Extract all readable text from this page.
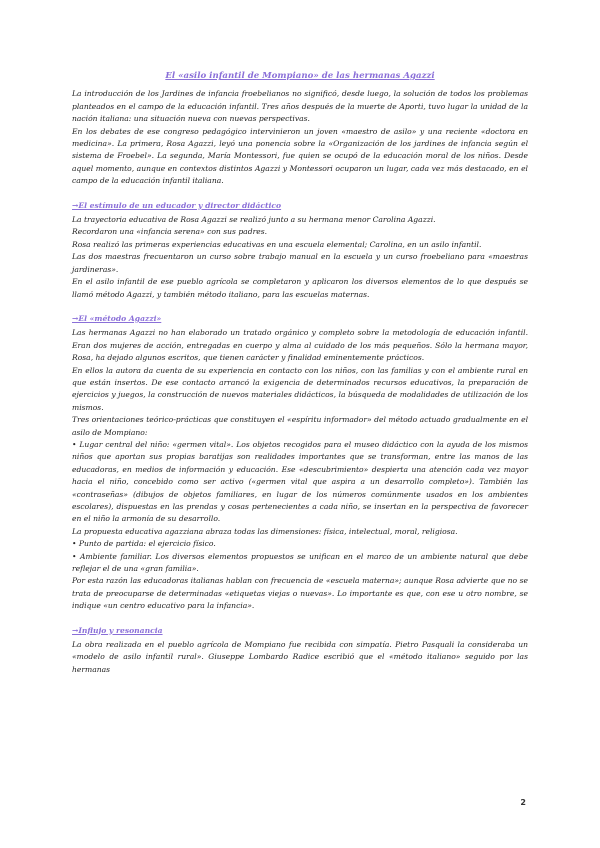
El «asilo infantil de Mompiano» de las hermanas Agazzi

La introducción de los Jardines de infancia froebelianos no significó, desde luego, la solución de todos los problemas planteados en el campo de la educación infantil. Tres años después de la muerte de Aporti, tuvo lugar la unidad de la nación italiana: una situación nueva con nuevas perspectivas.

En los debates de ese congreso pedagógico intervinieron un joven «maestro de asilo» y una reciente «doctora en medicina». La primera, Rosa Agazzi, leyó una ponencia sobre la «Organización de los jardines de infancia según el sistema de Froebel». La segunda, María Montessori, fue quien se ocupó de la educación moral de los niños. Desde aquel momento, aunque en contextos distintos Agazzi y Montessori ocuparon un lugar, cada vez más destacado, en el campo de la educación infantil italiana.

→El estímulo de un educador y director didáctico

La trayectoria educativa de Rosa Agazzi se realizó junto a su hermana menor Carolina Agazzi.

Recordaron una «infancia serena» con sus padres.

Rosa realizó las primeras experiencias educativas en una escuela elemental; Carolina, en un asilo infantil.

Las dos maestras frecuentaron un curso sobre trabajo manual en la escuela y un curso froebeliano para «maestras jardineras».

En el asilo infantil de ese pueblo agrícola se completaron y aplicaron los diversos elementos de lo que después se llamó método Agazzi, y también método italiano, para las escuelas maternas.

→El «método Agazzi»

Las hermanas Agazzi no han elaborado un tratado orgánico y completo sobre la metodología de educación infantil. Eran dos mujeres de acción, entregadas en cuerpo y alma al cuidado de los más pequeños. Sólo la hermana mayor, Rosa, ha dejado algunos escritos, que tienen carácter y finalidad eminentemente prácticos.

En ellos la autora da cuenta de su experiencia en contacto con los niños, con las familias y con el ambiente rural en que están insertos. De ese contacto arrancó la exigencia de determinados recursos educativos, la preparación de ejercicios y juegos, la construcción de nuevos materiales didácticos, la búsqueda de modalidades de utilización de los mismos.

Tres orientaciones teórico-prácticas que constituyen el «espíritu informador» del método actuado gradualmente en el asilo de Mompiano:

• Lugar central del niño: «germen vital». Los objetos recogidos para el museo didáctico con la ayuda de los mismos niños que aportan sus propias baratijas son realidades importantes que se transforman, entre las manos de las educadoras, en medios de información y educación. Ese «descubrimiento» despierta una atención cada vez mayor hacia el niño, concebido como ser activo («germen vital que aspira a un desarrollo completo»). También las «contraseñas» (dibujos de objetos familiares, en lugar de los números comúnmente usados en los ambientes escolares), dispuestas en las prendas y cosas pertenecientes a cada niño, se insertan en la perspectiva de favorecer en el niño la armonía de su desarrollo.

La propuesta educativa agazziana abraza todas las dimensiones: física, intelectual, moral, religiosa.

• Punto de partida: el ejercicio físico.

• Ambiente familiar. Los diversos elementos propuestos se unifican en el marco de un ambiente natural que debe reflejar el de una «gran familia».

Por esta razón las educadoras italianas hablan con frecuencia de «escuela materna»; aunque Rosa advierte que no se trata de preocuparse de determinadas «etiquetas viejas o nuevas». Lo importante es que, con ese u otro nombre, se indique «un centro educativo para la infancia».

→Influjo y resonancia

La obra realizada en el pueblo agrícola de Mompiano fue recibida con simpatía. Pietro Pasquali la consideraba un «modelo de asilo infantil rural». Giuseppe Lombardo Radice escribió que el «método italiano» seguido por las hermanas

2
